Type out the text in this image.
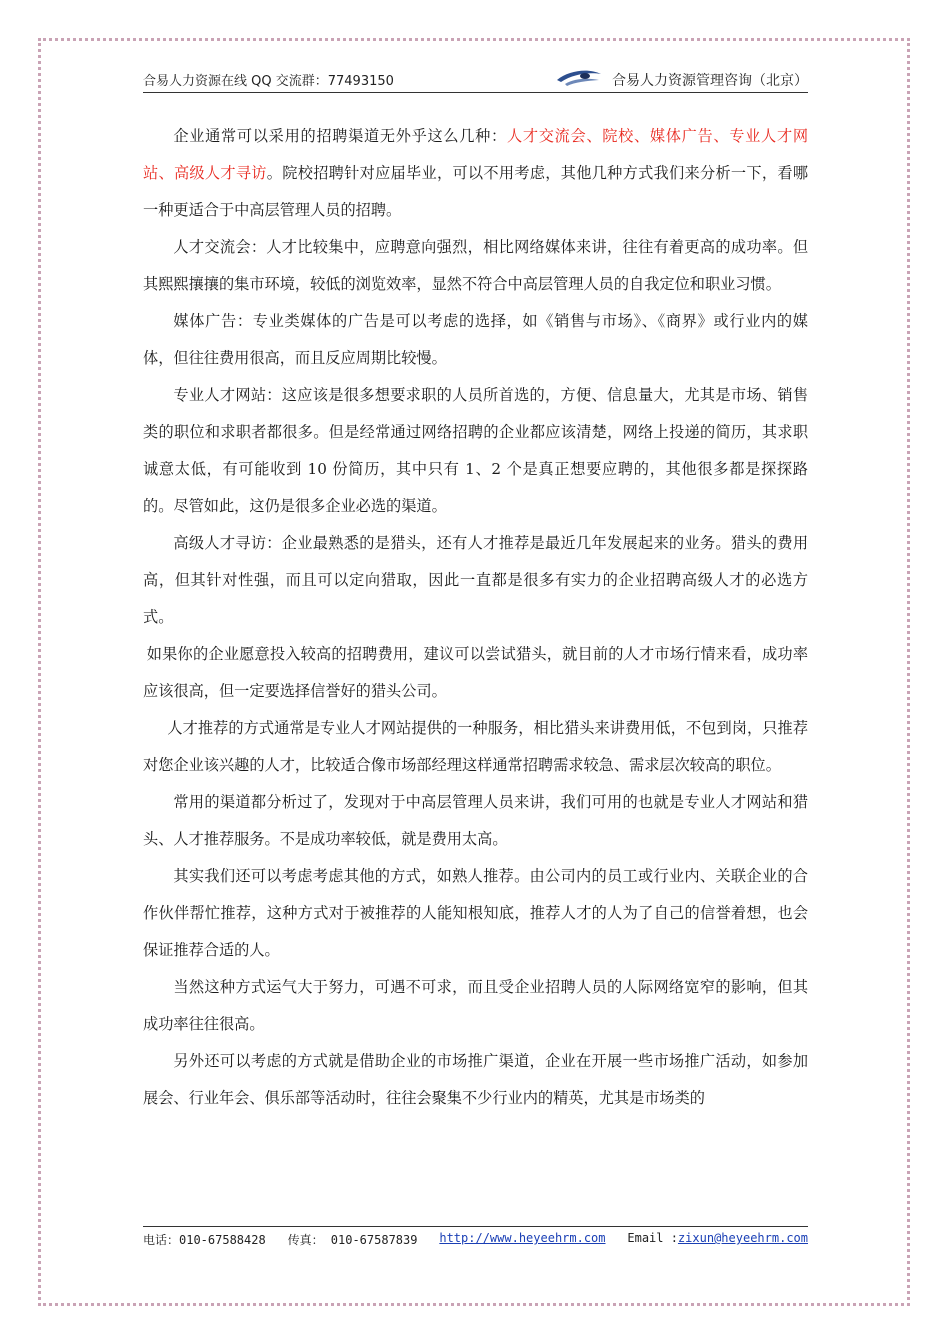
合易人力资源在线 QQ 交流群：77493150	合易人力资源管理咨询（北京）

企业通常可以采用的招聘渠道无外乎这么几种：人才交流会、院校、媒体广告、专业人才网站、高级人才寻访。院校招聘针对应届毕业，可以不用考虑，其他几种方式我们来分析一下，看哪一种更适合于中高层管理人员的招聘。

人才交流会：人才比较集中，应聘意向强烈，相比网络媒体来讲，往往有着更高的成功率。但其熙熙攘攘的集市环境，较低的浏览效率，显然不符合中高层管理人员的自我定位和职业习惯。

媒体广告：专业类媒体的广告是可以考虑的选择，如《销售与市场》、《商界》或行业内的媒体，但往往费用很高，而且反应周期比较慢。

专业人才网站：这应该是很多想要求职的人员所首选的，方便、信息量大，尤其是市场、销售类的职位和求职者都很多。但是经常通过网络招聘的企业都应该清楚，网络上投递的简历，其求职诚意太低，有可能收到 10 份简历，其中只有 1、2 个是真正想要应聘的，其他很多都是探探路的。尽管如此，这仍是很多企业必选的渠道。

高级人才寻访：企业最熟悉的是猎头，还有人才推荐是最近几年发展起来的业务。猎头的费用高，但其针对性强，而且可以定向猎取，因此一直都是很多有实力的企业招聘高级人才的必选方式。

如果你的企业愿意投入较高的招聘费用，建议可以尝试猎头，就目前的人才市场行情来看，成功率应该很高，但一定要选择信誉好的猎头公司。

人才推荐的方式通常是专业人才网站提供的一种服务，相比猎头来讲费用低，不包到岗，只推荐对您企业该兴趣的人才，比较适合像市场部经理这样通常招聘需求较急、需求层次较高的职位。

常用的渠道都分析过了，发现对于中高层管理人员来讲，我们可用的也就是专业人才网站和猎头、人才推荐服务。不是成功率较低，就是费用太高。

其实我们还可以考虑考虑其他的方式，如熟人推荐。由公司内的员工或行业内、关联企业的合作伙伴帮忙推荐，这种方式对于被推荐的人能知根知底，推荐人才的人为了自己的信誉着想，也会保证推荐合适的人。

当然这种方式运气大于努力，可遇不可求，而且受企业招聘人员的人际网络宽窄的影响，但其成功率往往很高。

另外还可以考虑的方式就是借助企业的市场推广渠道，企业在开展一些市场推广活动，如参加展会、行业年会、俱乐部等活动时，往往会聚集不少行业内的精英，尤其是市场类的

电话：010-67588428 传真： 010-67587839 http://www.heyeehrm.com Email :zixun@heyeehrm.com
